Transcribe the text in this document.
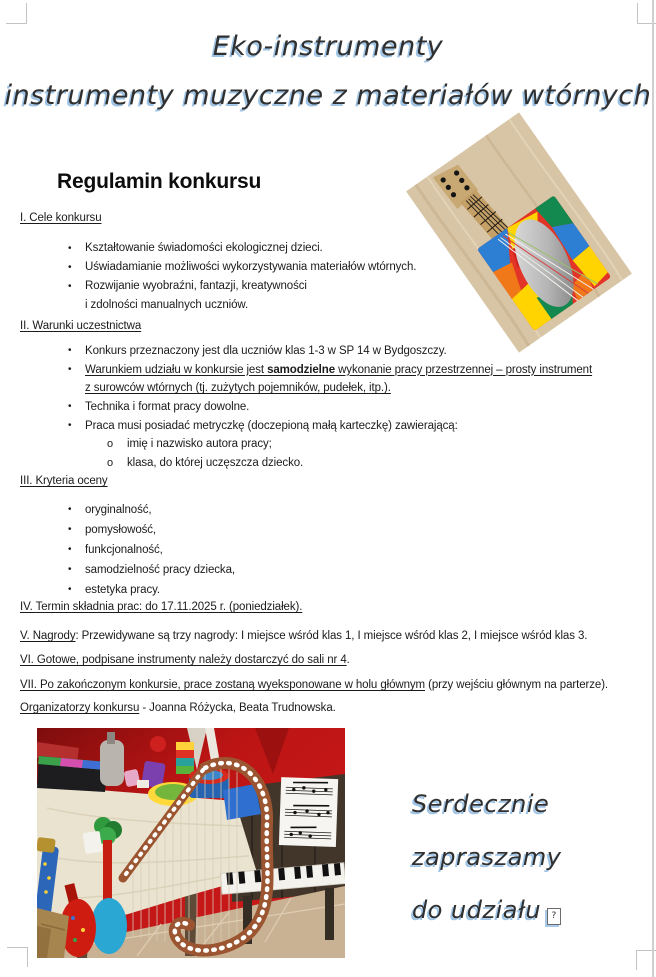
Eko-instrumenty
instrumenty muzyczne z materiałów wtórnych
Regulamin konkursu
I. Cele konkursu
•	Kształtowanie świadomości ekologicznej dzieci.
•	Uświadamianie możliwości wykorzystywania materiałów wtórnych.
•	Rozwijanie wyobraźni, fantazji, kreatywności
i zdolności manualnych uczniów.
II. Warunki uczestnictwa
•	Konkurs przeznaczony jest dla uczniów klas 1-3 w SP 14 w Bydgoszczy.
•	Warunkiem udziału w konkursie jest samodzielne wykonanie pracy przestrzennej – prosty instrument
z surowców wtórnych (tj. zużytych pojemników, pudełek, itp.).
•	Technika i format pracy dowolne.
•	Praca musi posiadać metryczkę (doczepioną małą karteczkę) zawierającą:
o	imię i nazwisko autora pracy;
o	klasa, do której uczęszcza dziecko.
III. Kryteria oceny
•	oryginalność,
•	pomysłowość,
•	funkcjonalność,
•	samodzielność pracy dziecka,
•	estetyka pracy.
IV. Termin składnia prac: do 17.11.2025 r. (poniedziałek).
V. Nagrody: Przewidywane są trzy nagrody: I miejsce wśród klas 1, I miejsce wśród klas 2, I miejsce wśród klas 3.
VI. Gotowe, podpisane instrumenty należy dostarczyć do sali nr 4.
VII. Po zakończonym konkursie, prace zostaną wyeksponowane w holu głównym (przy wejściu głównym na parterze).
Organizatorzy konkursu - Joanna Różycka, Beata Trudnowska.
Serdecznie
zapraszamy
do udziału ?
